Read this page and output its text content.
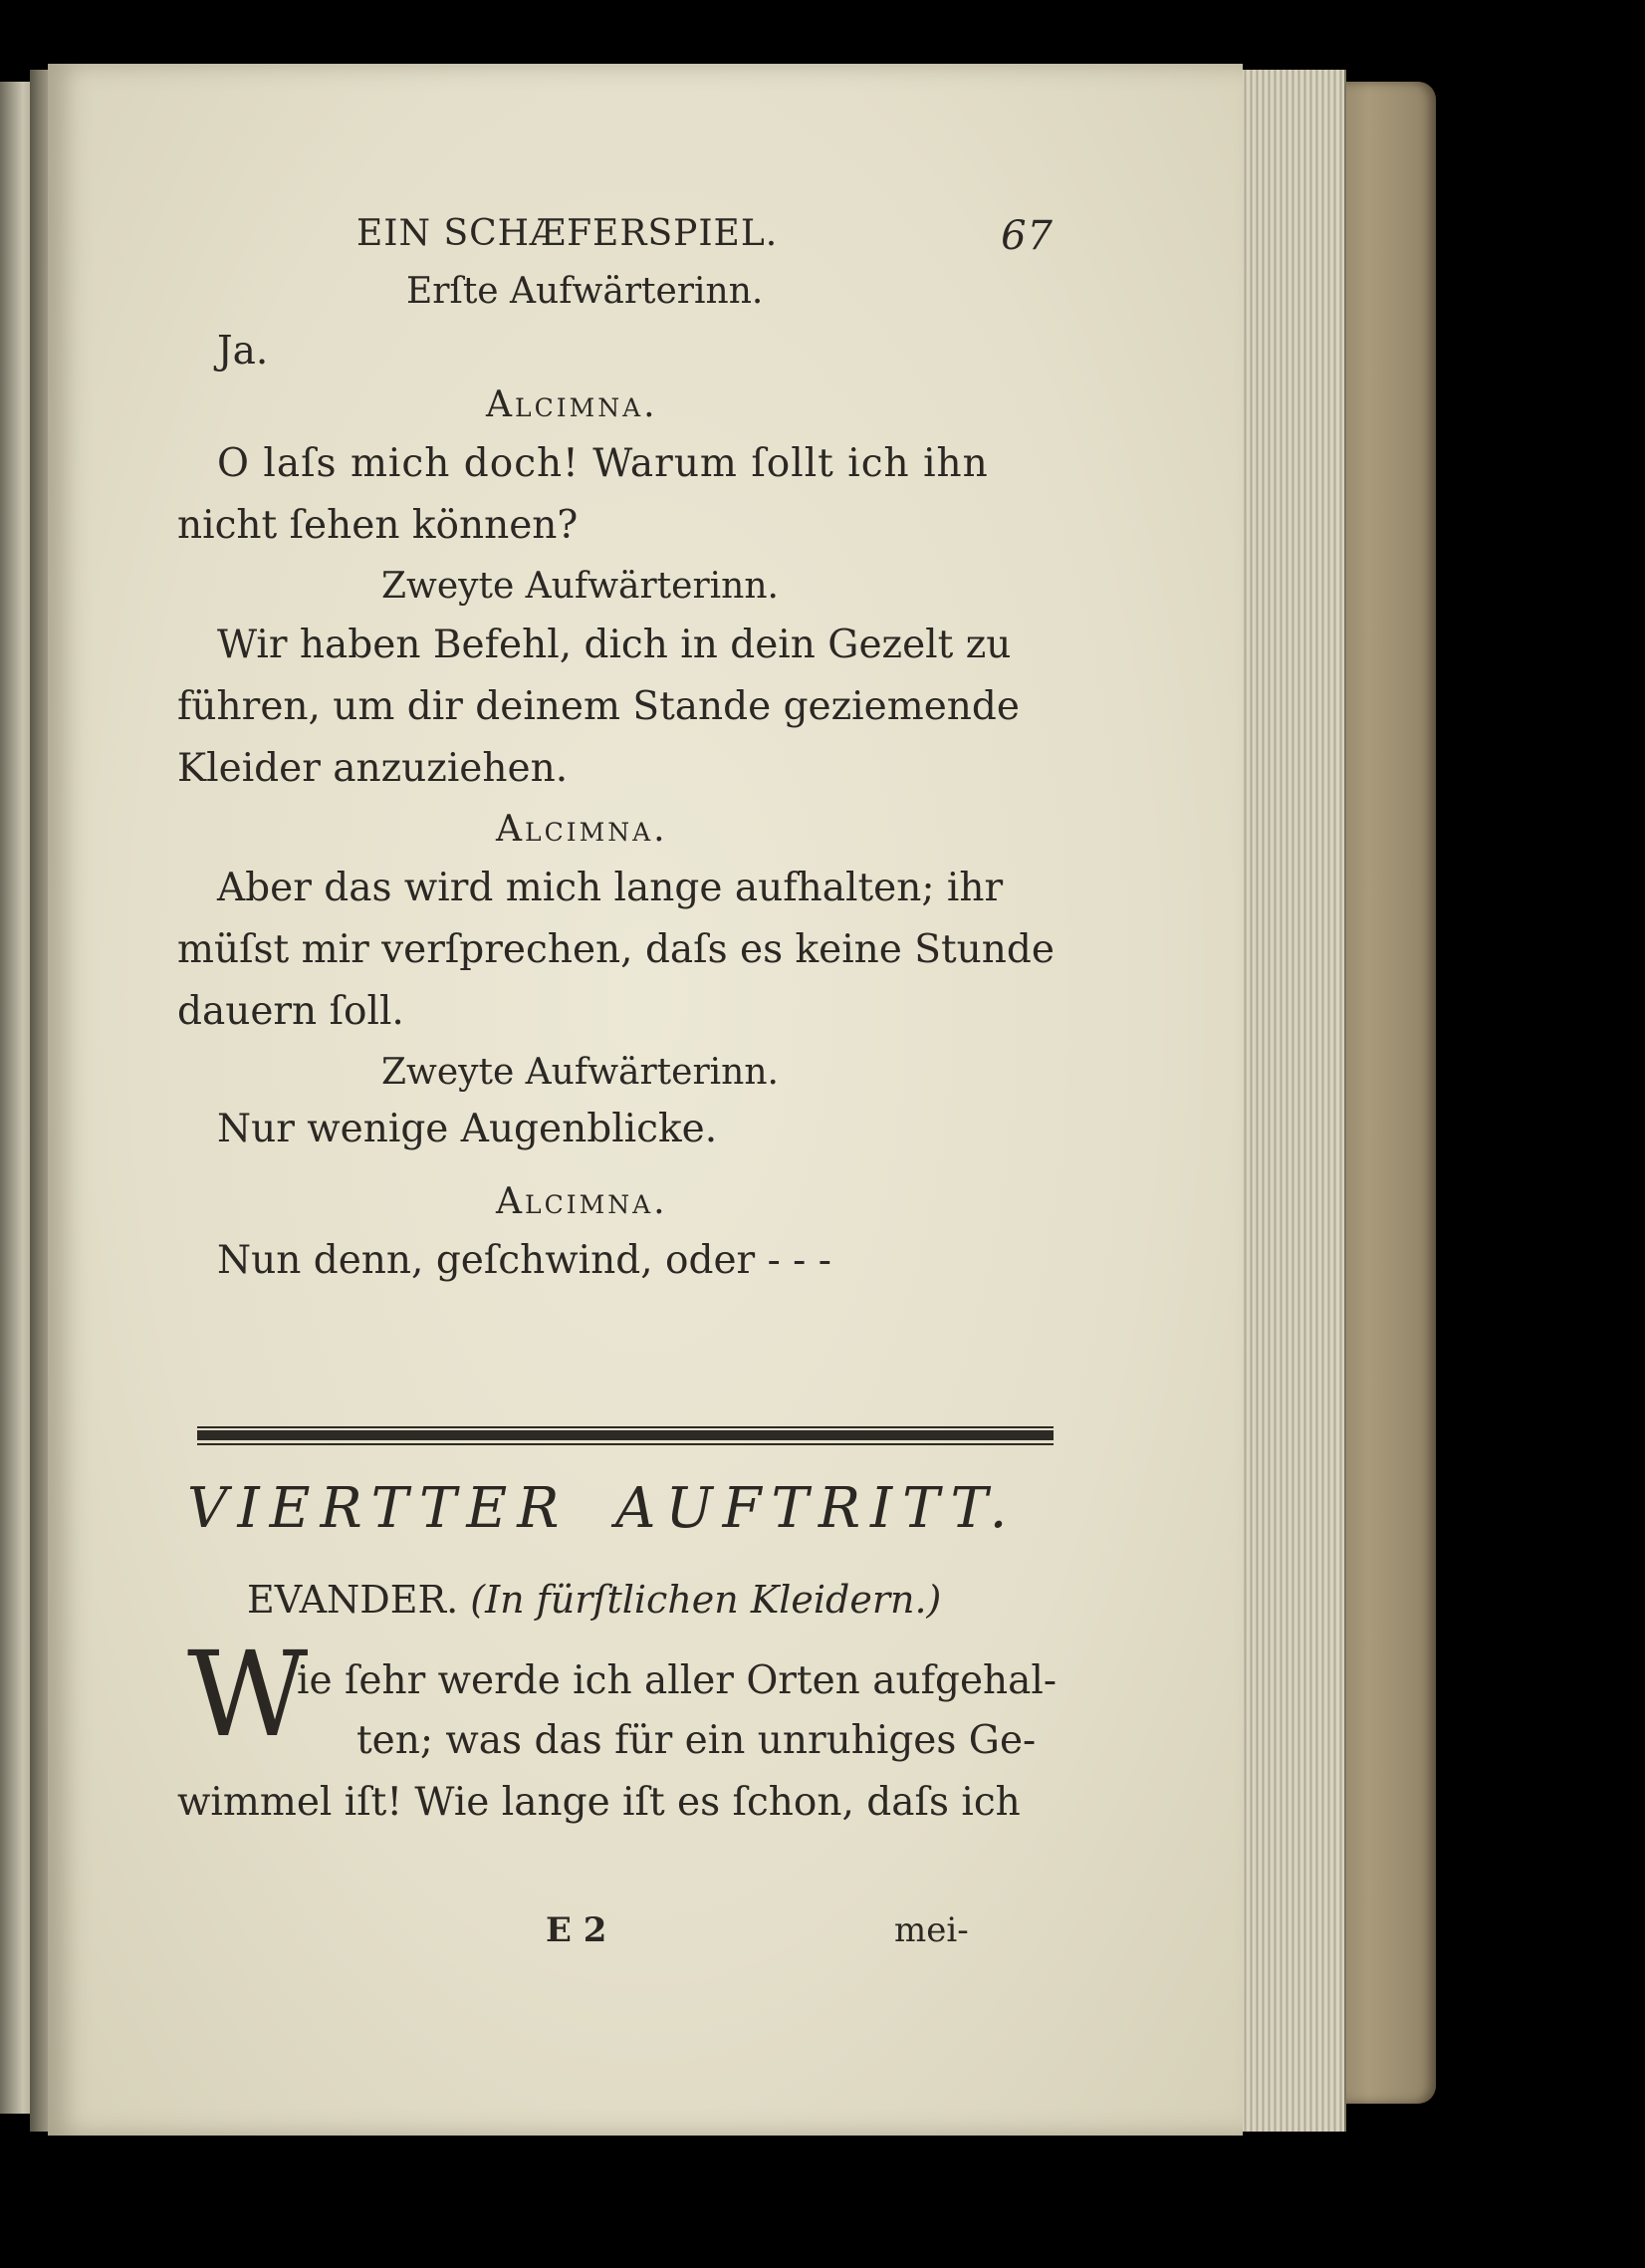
EIN SCHÆFERSPIEL.	67
Erſte Aufwärterinn.
Ja.
Alcimna.
O laſs mich doch! Warum ſollt ich ihn
nicht ſehen können?
Zweyte Aufwärterinn.
Wir haben Befehl, dich in dein Gezelt zu
führen, um dir deinem Stande geziemende
Kleider anzuziehen.
Alcimna.
Aber das wird mich lange aufhalten; ihr
müſst mir verſprechen, daſs es keine Stunde
dauern ſoll.
Zweyte Aufwärterinn.
Nur wenige Augenblicke.
Alcimna.
Nun denn, geſchwind, oder - - -
VIERTTER AUFTRITT.
EVANDER. (In fürſtlichen Kleidern.)
W
ie ſehr werde ich aller Orten aufgehal-
ten; was das für ein unruhiges Ge-
wimmel iſt! Wie lange iſt es ſchon, daſs ich
E 2	mei-
